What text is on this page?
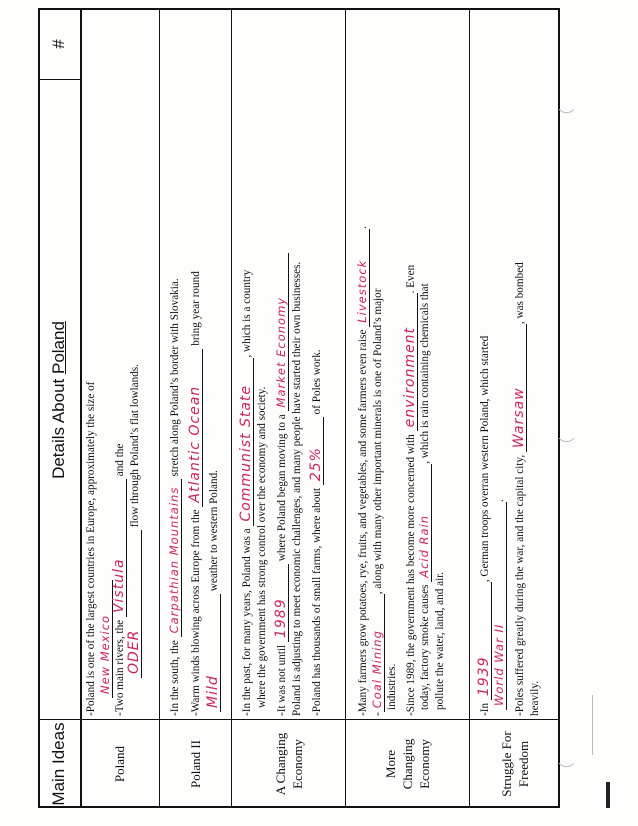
Main Ideas
Details About Poland
#
Poland
-Poland is one of the largest countries in Europe, approximately the size of New Mexico -Two main rivers, the Vistula and the
ODER flow through Poland’s flat lowlands.
Poland II
-In the south, the Carpathian Mountains stretch along Poland’s border with Slovakia.
-Warm winds blowing across Europe from the Atlantic Ocean bring year round
Mild weather to western Poland.
A Changing Economy
-In the past, for many years, Poland was a Communist State, which is a country
where the government has strong control over the economy and society. -It was not until 1989 where Poland began moving to a Market Economy Poland is adjusting to meet economic challenges, and many people have started their own businesses. -Poland has thousands of small farms, where about 25% of Poles work.
More Changing Economy
-Many farmers grow potatoes, rye, fruits, and vegetables, and some farmers even raise Livestock.
-Coal Mining, along with many other important minerals is one of Poland’s major
industries. -Since 1989, the government has become more concerned with environment. Even
today, factory smoke causes Acid Rain, which is rain containing chemicals that
pollute the water, land, and air.
Struggle For Freedom
-In 1939, German troops overran western Poland, which started
World War II. -Poles suffered greatly during the war, and the capital city, Warsaw, was bombed
heavily.
